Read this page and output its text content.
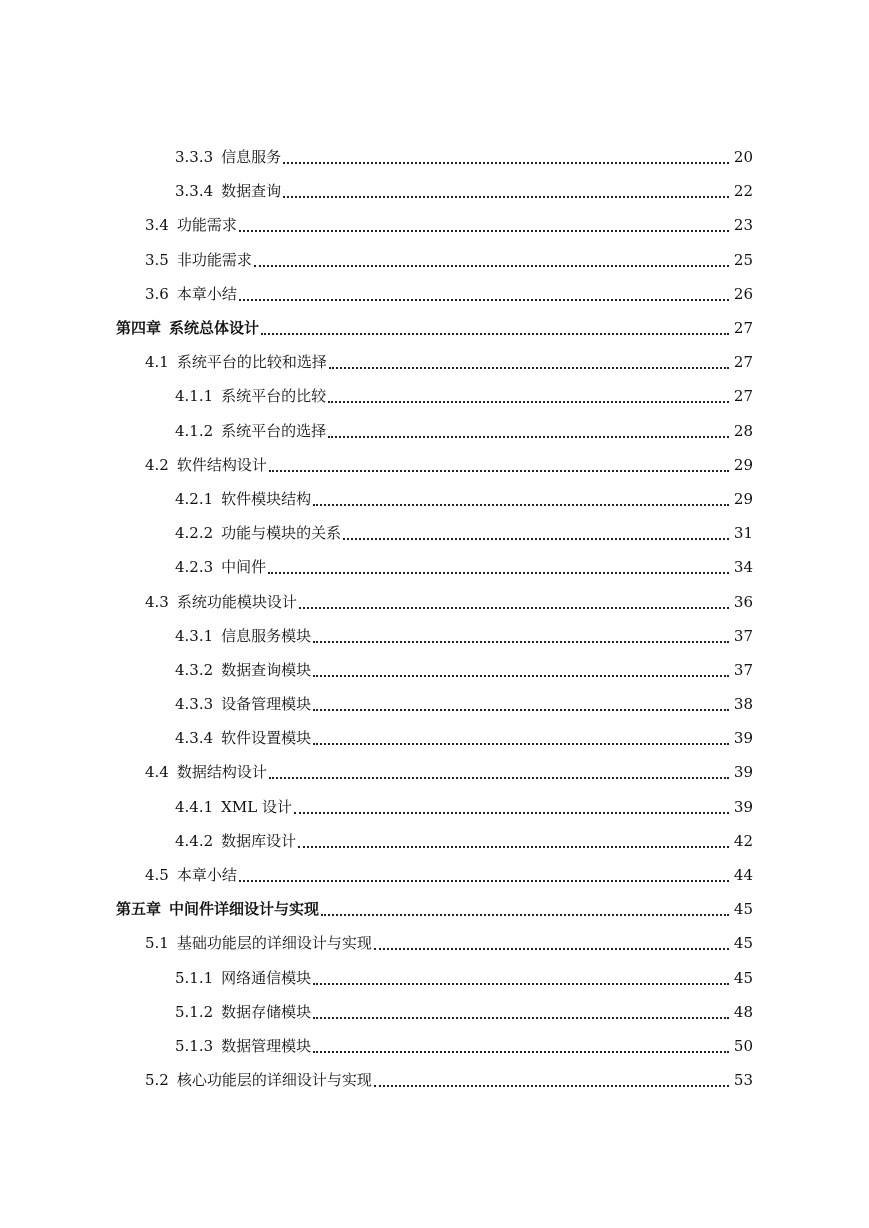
3.3.3 信息服务	20
3.3.4 数据查询	22
3.4 功能需求	23
3.5 非功能需求	25
3.6 本章小结	26
第四章 系统总体设计	27
4.1 系统平台的比较和选择	27
4.1.1 系统平台的比较	27
4.1.2 系统平台的选择	28
4.2 软件结构设计	29
4.2.1 软件模块结构	29
4.2.2 功能与模块的关系	31
4.2.3 中间件	34
4.3 系统功能模块设计	36
4.3.1 信息服务模块	37
4.3.2 数据查询模块	37
4.3.3 设备管理模块	38
4.3.4 软件设置模块	39
4.4 数据结构设计	39
4.4.1 XML 设计	39
4.4.2 数据库设计	42
4.5 本章小结	44
第五章 中间件详细设计与实现	45
5.1 基础功能层的详细设计与实现	45
5.1.1 网络通信模块	45
5.1.2 数据存储模块	48
5.1.3 数据管理模块	50
5.2 核心功能层的详细设计与实现	53
